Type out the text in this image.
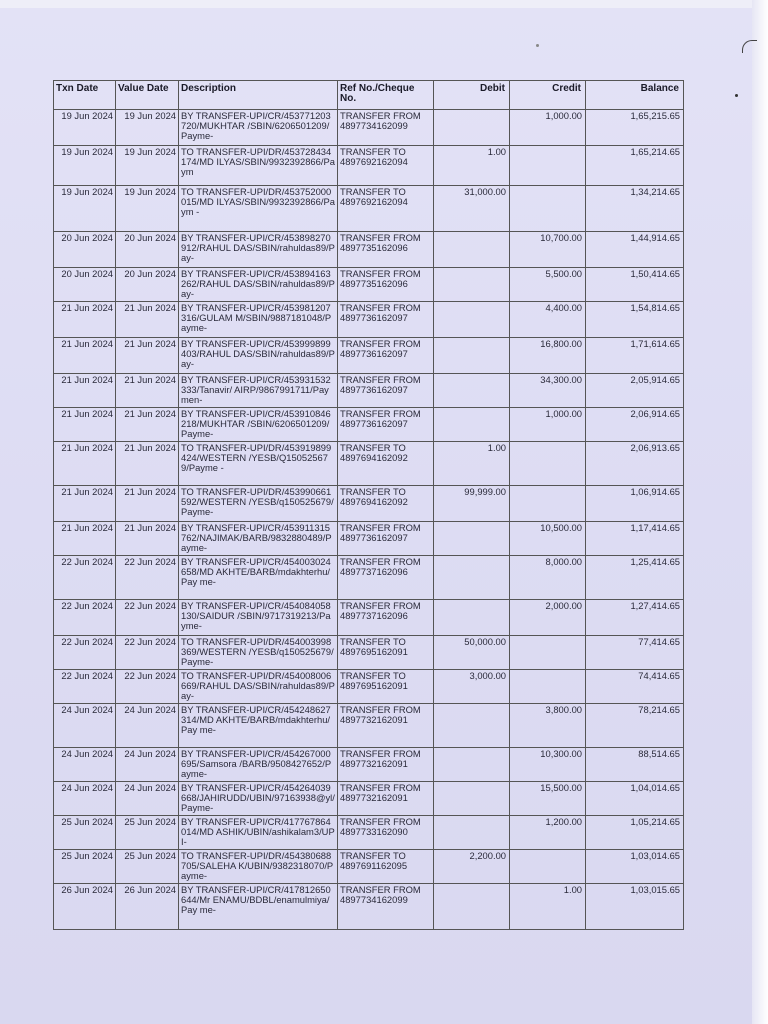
Txn Date	Value Date	Description	Ref No./Cheque No.	Debit	Credit	Balance
19 Jun 2024	19 Jun 2024	BY TRANSFER-UPI/CR/453771203720/MUKHTAR /SBIN/6206501209/Payme-	TRANSFER FROM 4897734162099		1,000.00	1,65,215.65
19 Jun 2024	19 Jun 2024	TO TRANSFER-UPI/DR/453728434174/MD ILYAS/SBIN/9932392866/Paym	TRANSFER TO 4897692162094	1.00		1,65,214.65
19 Jun 2024	19 Jun 2024	TO TRANSFER-UPI/DR/453752000015/MD ILYAS/SBIN/9932392866/Paym -	TRANSFER TO 4897692162094	31,000.00		1,34,214.65
20 Jun 2024	20 Jun 2024	BY TRANSFER-UPI/CR/453898270912/RAHUL DAS/SBIN/rahuldas89/Pay-	TRANSFER FROM 4897735162096		10,700.00	1,44,914.65
20 Jun 2024	20 Jun 2024	BY TRANSFER-UPI/CR/453894163262/RAHUL DAS/SBIN/rahuldas89/Pay-	TRANSFER FROM 4897735162096		5,500.00	1,50,414.65
21 Jun 2024	21 Jun 2024	BY TRANSFER-UPI/CR/453981207316/GULAM M/SBIN/9887181048/Payme-	TRANSFER FROM 4897736162097		4,400.00	1,54,814.65
21 Jun 2024	21 Jun 2024	BY TRANSFER-UPI/CR/453999899403/RAHUL DAS/SBIN/rahuldas89/Pay-	TRANSFER FROM 4897736162097		16,800.00	1,71,614.65
21 Jun 2024	21 Jun 2024	BY TRANSFER-UPI/CR/453931532333/Tanavir/ AIRP/9867991711/Paymen-	TRANSFER FROM 4897736162097		34,300.00	2,05,914.65
21 Jun 2024	21 Jun 2024	BY TRANSFER-UPI/CR/453910846218/MUKHTAR /SBIN/6206501209/Payme-	TRANSFER FROM 4897736162097		1,000.00	2,06,914.65
21 Jun 2024	21 Jun 2024	TO TRANSFER-UPI/DR/453919899424/WESTERN /YESB/Q150525679/Payme -	TRANSFER TO 4897694162092	1.00		2,06,913.65
21 Jun 2024	21 Jun 2024	TO TRANSFER-UPI/DR/453990661592/WESTERN /YESB/q150525679/Payme-	TRANSFER TO 4897694162092	99,999.00		1,06,914.65
21 Jun 2024	21 Jun 2024	BY TRANSFER-UPI/CR/453911315762/NAJIMAK/BARB/9832880489/Payme-	TRANSFER FROM 4897736162097		10,500.00	1,17,414.65
22 Jun 2024	22 Jun 2024	BY TRANSFER-UPI/CR/454003024658/MD AKHTE/BARB/mdakhterhu/Pay me-	TRANSFER FROM 4897737162096		8,000.00	1,25,414.65
22 Jun 2024	22 Jun 2024	BY TRANSFER-UPI/CR/454084058130/SAIDUR /SBIN/9717319213/Payme-	TRANSFER FROM 4897737162096		2,000.00	1,27,414.65
22 Jun 2024	22 Jun 2024	TO TRANSFER-UPI/DR/454003998369/WESTERN /YESB/q150525679/Payme-	TRANSFER TO 4897695162091	50,000.00		77,414.65
22 Jun 2024	22 Jun 2024	TO TRANSFER-UPI/DR/454008006669/RAHUL DAS/SBIN/rahuldas89/Pay-	TRANSFER TO 4897695162091	3,000.00		74,414.65
24 Jun 2024	24 Jun 2024	BY TRANSFER-UPI/CR/454248627314/MD AKHTE/BARB/mdakhterhu/Pay me-	TRANSFER FROM 4897732162091		3,800.00	78,214.65
24 Jun 2024	24 Jun 2024	BY TRANSFER-UPI/CR/454267000695/Samsora /BARB/9508427652/Payme-	TRANSFER FROM 4897732162091		10,300.00	88,514.65
24 Jun 2024	24 Jun 2024	BY TRANSFER-UPI/CR/454264039668/JAHIRUDD/UBIN/97163938@yl/Payme-	TRANSFER FROM 4897732162091		15,500.00	1,04,014.65
25 Jun 2024	25 Jun 2024	BY TRANSFER-UPI/CR/417767864014/MD ASHIK/UBIN/ashikalam3/UPI-	TRANSFER FROM 4897733162090		1,200.00	1,05,214.65
25 Jun 2024	25 Jun 2024	TO TRANSFER-UPI/DR/454380688705/SALEHA K/UBIN/9382318070/Payme-	TRANSFER TO 4897691162095	2,200.00		1,03,014.65
26 Jun 2024	26 Jun 2024	BY TRANSFER-UPI/CR/417812650644/Mr ENAMU/BDBL/enamulmiya/Pay me-	TRANSFER FROM 4897734162099		1.00	1,03,015.65
